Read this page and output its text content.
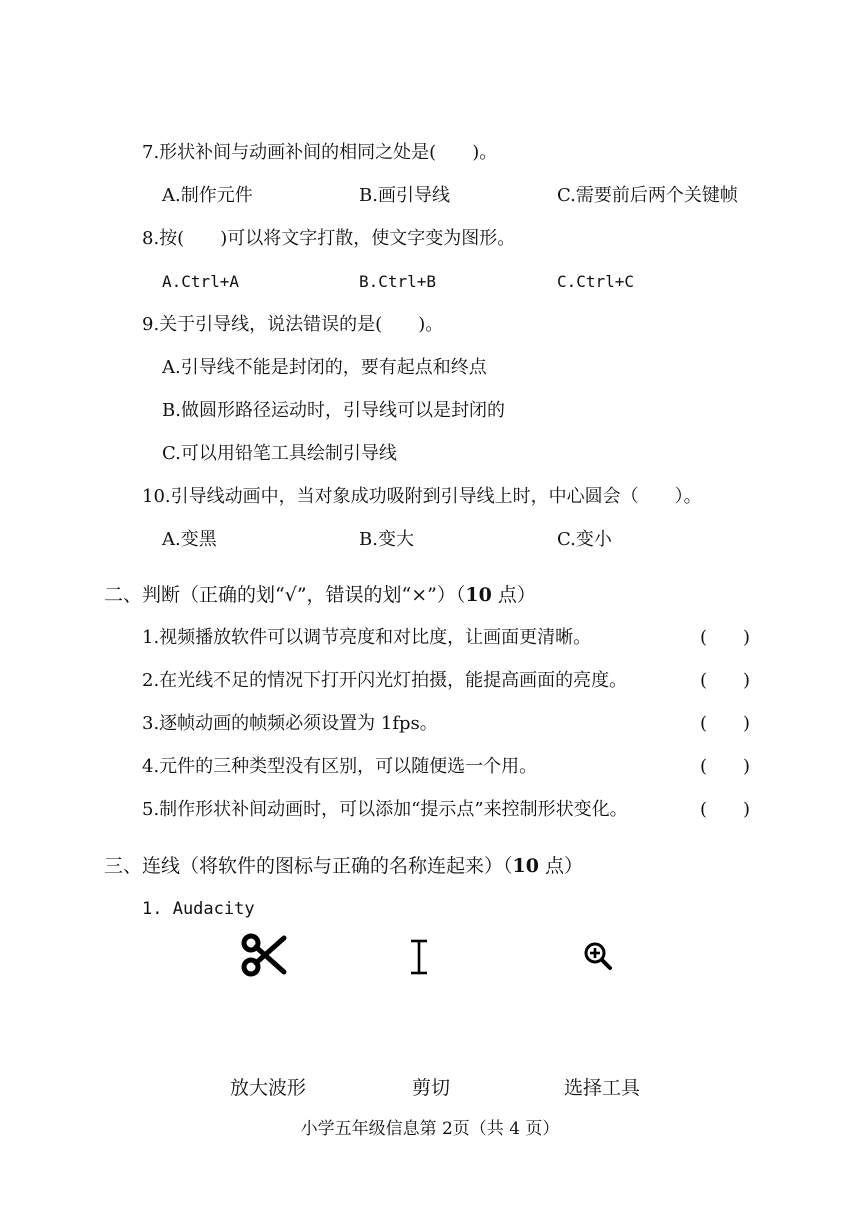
7.形状补间与动画补间的相同之处是(　　)。
A.制作元件	B.画引导线	C.需要前后两个关键帧
8.按(　　)可以将文字打散，使文字变为图形。
A.Ctrl+A	B.Ctrl+B	C.Ctrl+C
9.关于引导线，说法错误的是(　　)。
A.引导线不能是封闭的，要有起点和终点
B.做圆形路径运动时，引导线可以是封闭的
C.可以用铅笔工具绘制引导线
10.引导线动画中，当对象成功吸附到引导线上时，中心圆会（　　）。
A.变黑	B.变大	C.变小
二、判断（正确的划“√”，错误的划“×”）（10 点）
1.视频播放软件可以调节亮度和对比度，让画面更清晰。	(　　)
2.在光线不足的情况下打开闪光灯拍摄，能提高画面的亮度。	(　　)
3.逐帧动画的帧频必须设置为 1fps。	(　　)
4.元件的三种类型没有区别，可以随便选一个用。	(　　)
5.制作形状补间动画时，可以添加“提示点”来控制形状变化。	(　　)
三、连线（将软件的图标与正确的名称连起来）（10 点）
1. Audacity
放大波形	剪切	选择工具
小学五年级信息第 2页（共 4 页）
